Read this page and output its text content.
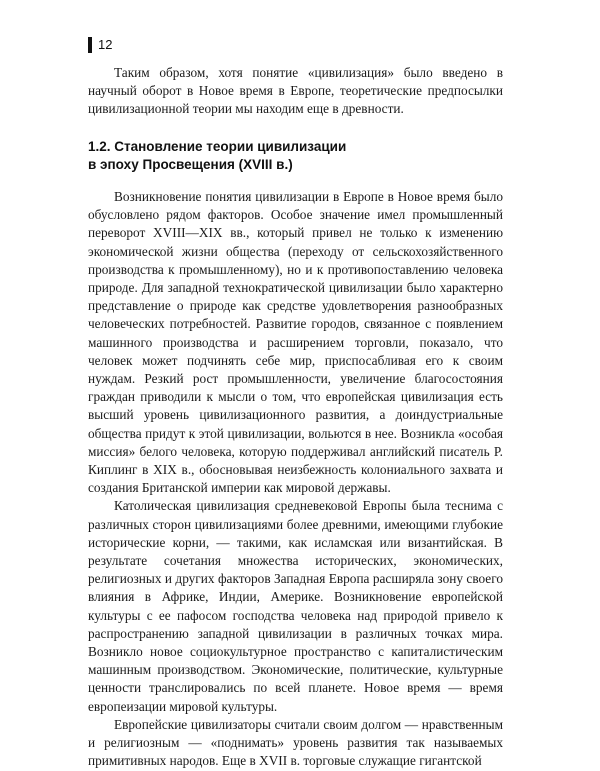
12

Таким образом, хотя понятие «цивилизация» было введено в научный оборот в Новое время в Европе, теоретические предпосылки цивилизационной теории мы находим еще в древности.

1.2. Становление теории цивилизации
в эпоху Просвещения (XVIII в.)

Возникновение понятия цивилизации в Европе в Новое время было обусловлено рядом факторов. Особое значение имел промышленный переворот XVIII—XIX вв., который привел не только к изменению экономической жизни общества (переходу от сельскохозяйственного производства к промышленному), но и к противопоставлению человека природе. Для западной технократической цивилизации было характерно представление о природе как средстве удовлетворения разнообразных человеческих потребностей. Развитие городов, связанное с появлением машинного производства и расширением торговли, показало, что человек может подчинять себе мир, приспосабливая его к своим нуждам. Резкий рост промышленности, увеличение благосостояния граждан приводили к мысли о том, что европейская цивилизация есть высший уровень цивилизационного развития, а доиндустриальные общества придут к этой цивилизации, вольются в нее. Возникла «особая миссия» белого человека, которую поддерживал английский писатель Р. Киплинг в XIX в., обосновывая неизбежность колониального захвата и создания Британской империи как мировой державы.

Католическая цивилизация средневековой Европы была теснима с различных сторон цивилизациями более древними, имеющими глубокие исторические корни, — такими, как исламская или византийская. В результате сочетания множества исторических, экономических, религиозных и других факторов Западная Европа расширяла зону своего влияния в Африке, Индии, Америке. Возникновение европейской культуры с ее пафосом господства человека над природой привело к распространению западной цивилизации в различных точках мира. Возникло новое социокультурное пространство с капиталистическим машинным производством. Экономические, политические, культурные ценности транслировались по всей планете. Новое время — время европеизации мировой культуры.

Европейские цивилизаторы считали своим долгом — нравственным и религиозным — «поднимать» уровень развития так называемых примитивных народов. Еще в XVII в. торговые служащие гигантской
